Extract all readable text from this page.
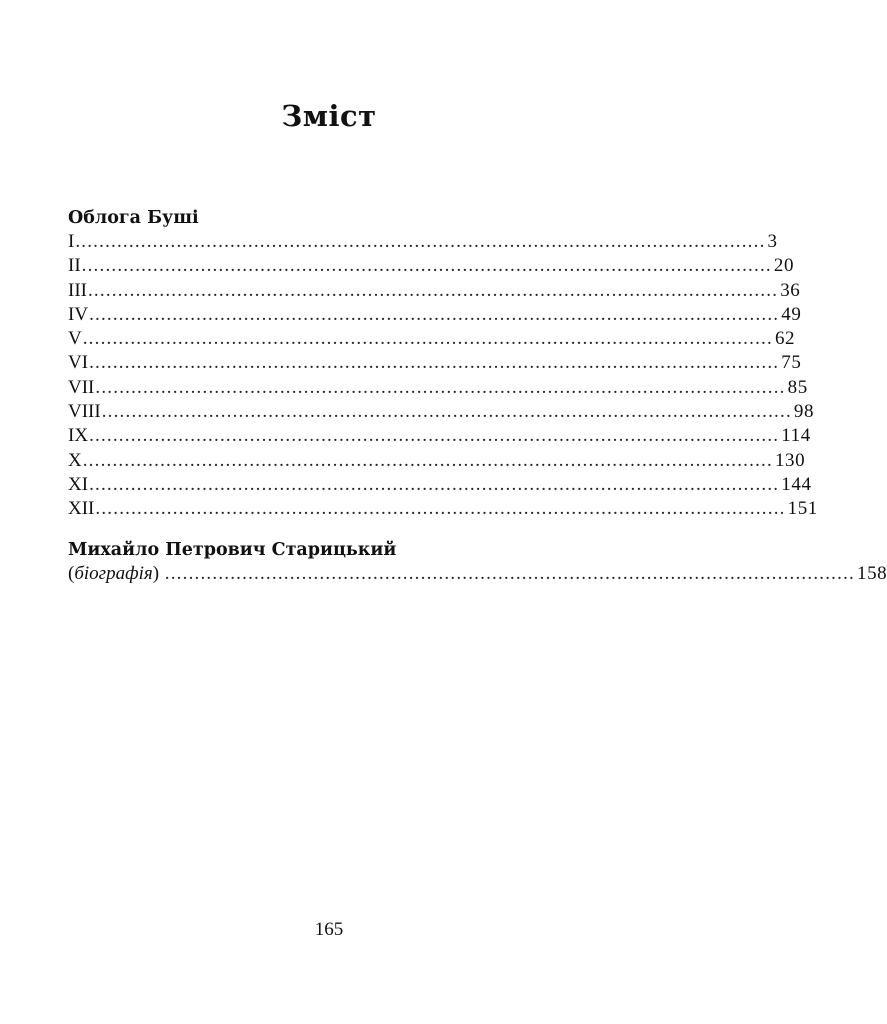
Зміст
Облога Буші
I .................................................................................................................... 3
II .................................................................................................................... 20
III .................................................................................................................... 36
IV .................................................................................................................... 49
V .................................................................................................................... 62
VI .................................................................................................................... 75
VII .................................................................................................................... 85
VIII .................................................................................................................... 98
IX .................................................................................................................... 114
X .................................................................................................................... 130
XI .................................................................................................................... 144
XII .................................................................................................................... 151
Михайло Петрович Старицький
(біографія) .................................................................................................................... 158
165
